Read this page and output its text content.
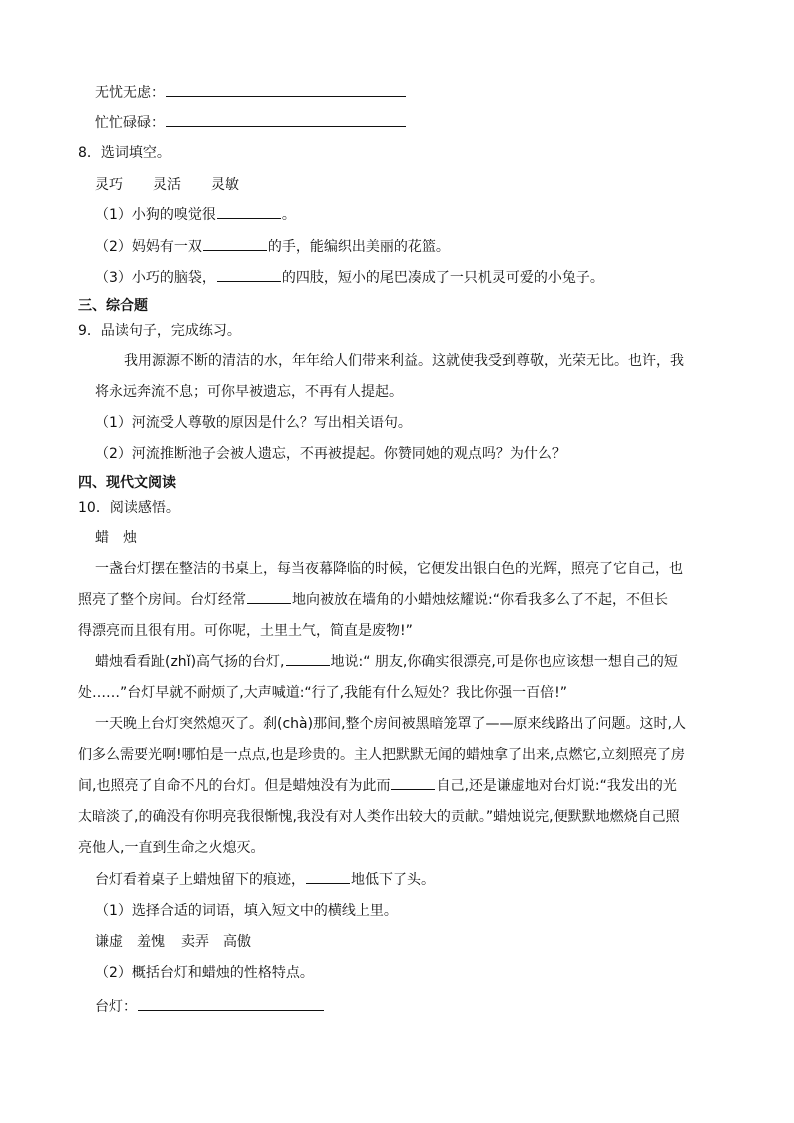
无忧无虑：
忙忙碌碌：
8．选词填空。
灵巧 灵活 灵敏
（1）小狗的嗅觉很	。
（2）妈妈有一双	的手，能编织出美丽的花篮。
（3）小巧的脑袋，	的四肢，短小的尾巴凑成了一只机灵可爱的小兔子。
三、综合题
9．品读句子，完成练习。
我用源源不断的清洁的水，年年给人们带来利益。这就使我受到尊敬，光荣无比。也许，我
将永远奔流不息；可你早被遗忘，不再有人提起。
（1）河流受人尊敬的原因是什么？写出相关语句。
（2）河流推断池子会被人遗忘，不再被提起。你赞同她的观点吗？为什么？
四、现代文阅读
10．阅读感悟。
蜡　烛
一盏台灯摆在整洁的书桌上，每当夜幕降临的时候，它便发出银白色的光辉，照亮了它自己，也
照亮了整个房间。台灯经常	地向被放在墙角的小蜡烛炫耀说:“你看我多么了不起，不但长
得漂亮而且很有用。可你呢，土里土气，简直是废物!”
蜡烛看看趾(zhǐ)高气扬的台灯,	地说:“ 朋友,你确实很漂亮,可是你也应该想一想自己的短
处……”台灯早就不耐烦了,大声喊道:“行了,我能有什么短处？我比你强一百倍!”
一天晚上台灯突然熄灭了。刹(chà)那间,整个房间被黑暗笼罩了——原来线路出了问题。这时,人
们多么需要光啊!哪怕是一点点,也是珍贵的。主人把默默无闻的蜡烛拿了出来,点燃它,立刻照亮了房
间,也照亮了自命不凡的台灯。但是蜡烛没有为此而	自己,还是谦虚地对台灯说:“我发出的光
太暗淡了,的确没有你明亮我很惭愧,我没有对人类作出较大的贡献。”蜡烛说完,便默默地燃烧自己照
亮他人,一直到生命之火熄灭。
台灯看着桌子上蜡烛留下的痕迹，	地低下了头。
（1）选择合适的词语，填入短文中的横线上里。
谦虚 羞愧 卖弄 高傲
（2）概括台灯和蜡烛的性格特点。
台灯：
